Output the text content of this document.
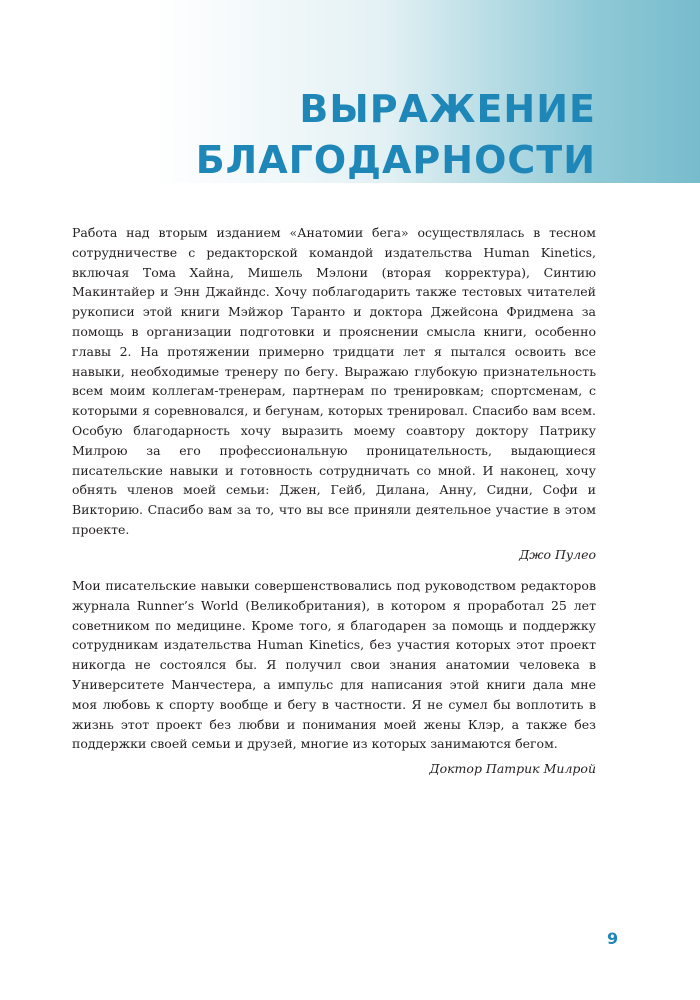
ВЫРАЖЕНИЕ
БЛАГОДАРНОСТИ

Работа над вторым изданием «Анатомии бега» осуществлялась в тесном сотрудничестве с редакторской командой издательства Human Kinetics, включая Тома Хайна, Мишель Мэлони (вторая корректура), Синтию Макинтайер и Энн Джайндс. Хочу поблагодарить также тестовых читателей рукописи этой книги Мэйжор Таранто и доктора Джейсона Фридмена за помощь в организации подготовки и прояснении смысла книги, особенно главы 2. На протяжении примерно тридцати лет я пытался освоить все навыки, необходимые тренеру по бегу. Выражаю глубокую признательность всем моим коллегам-тренерам, партнерам по тренировкам; спортсменам, с которыми я соревновался, и бегунам, которых тренировал. Спасибо вам всем. Особую благодарность хочу выразить моему соавтору доктору Патрику Милрою за его профессиональную проницательность, выдающиеся писательские навыки и готовность сотрудничать со мной. И наконец, хочу обнять членов моей семьи: Джен, Гейб, Дилана, Анну, Сидни, Софи и Викторию. Спасибо вам за то, что вы все приняли деятельное участие в этом проекте.

Джо Пулео

Мои писательские навыки совершенствовались под руководством редакторов журнала Runner’s World (Великобритания), в котором я проработал 25 лет советником по медицине. Кроме того, я благодарен за помощь и поддержку сотрудникам издательства Human Kinetics, без участия которых этот проект никогда не состоялся бы. Я получил свои знания анатомии человека в Университете Манчестера, а импульс для написания этой книги дала мне моя любовь к спорту вообще и бегу в частности. Я не сумел бы воплотить в жизнь этот проект без любви и понимания моей жены Клэр, а также без поддержки своей семьи и друзей, многие из которых занимаются бегом.

Доктор Патрик Милрой
9
